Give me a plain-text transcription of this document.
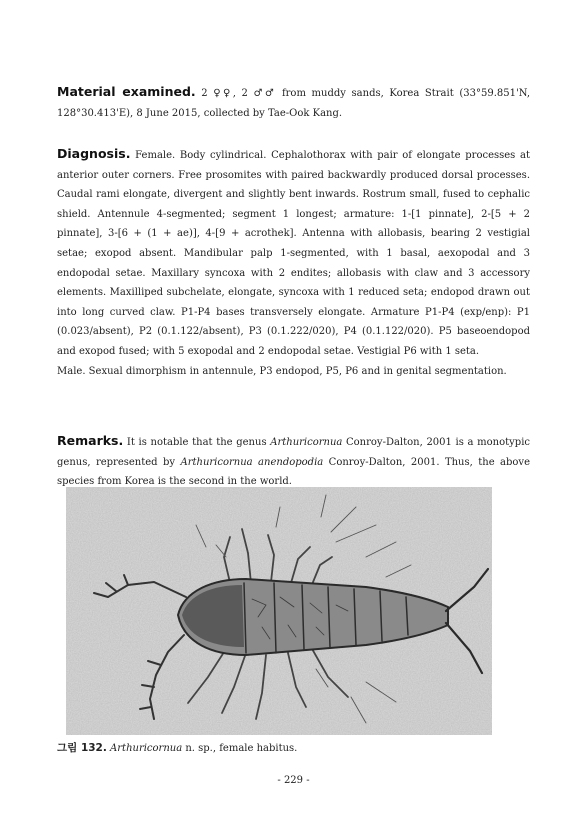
Material examined. 2 ♀♀, 2 ♂♂ from muddy sands, Korea Strait (33°59.851'N, 128°30.413'E), 8 June 2015, collected by Tae-Ook Kang.
Diagnosis. Female. Body cylindrical. Cephalothorax with pair of elongate processes at anterior outer corners. Free prosomites with paired backwardly produced dorsal processes. Caudal rami elongate, divergent and slightly bent inwards. Rostrum small, fused to cephalic shield. Antennule 4-segmented; segment 1 longest; armature: 1-[1 pinnate], 2-[5 + 2 pinnate], 3-[6 + (1 + ae)], 4-[9 + acrothek]. Antenna with allobasis, bearing 2 vestigial setae; exopod absent. Mandibular palp 1-segmented, with 1 basal, aexopodal and 3 endopodal setae. Maxillary syncoxa with 2 endites; allobasis with claw and 3 accessory elements. Maxilliped subchelate, elongate, syncoxa with 1 reduced seta; endopod drawn out into long curved claw. P1-P4 bases transversely elongate. Armature P1-P4 (exp/enp): P1 (0.023/absent), P2 (0.1.122/absent), P3 (0.1.222/020), P4 (0.1.122/020). P5 baseoendopod and exopod fused; with 5 exopodal and 2 endopodal setae. Vestigial P6 with 1 seta.
Male. Sexual dimorphism in antennule, P3 endopod, P5, P6 and in genital segmentation.
Remarks. It is notable that the genus Arthuricornua Conroy-Dalton, 2001 is a monotypic genus, represented by Arthuricornua anendopodia Conroy-Dalton, 2001. Thus, the above species from Korea is the second in the world.
그림 132. Arthuricornua n. sp., female habitus.
- 229 -
